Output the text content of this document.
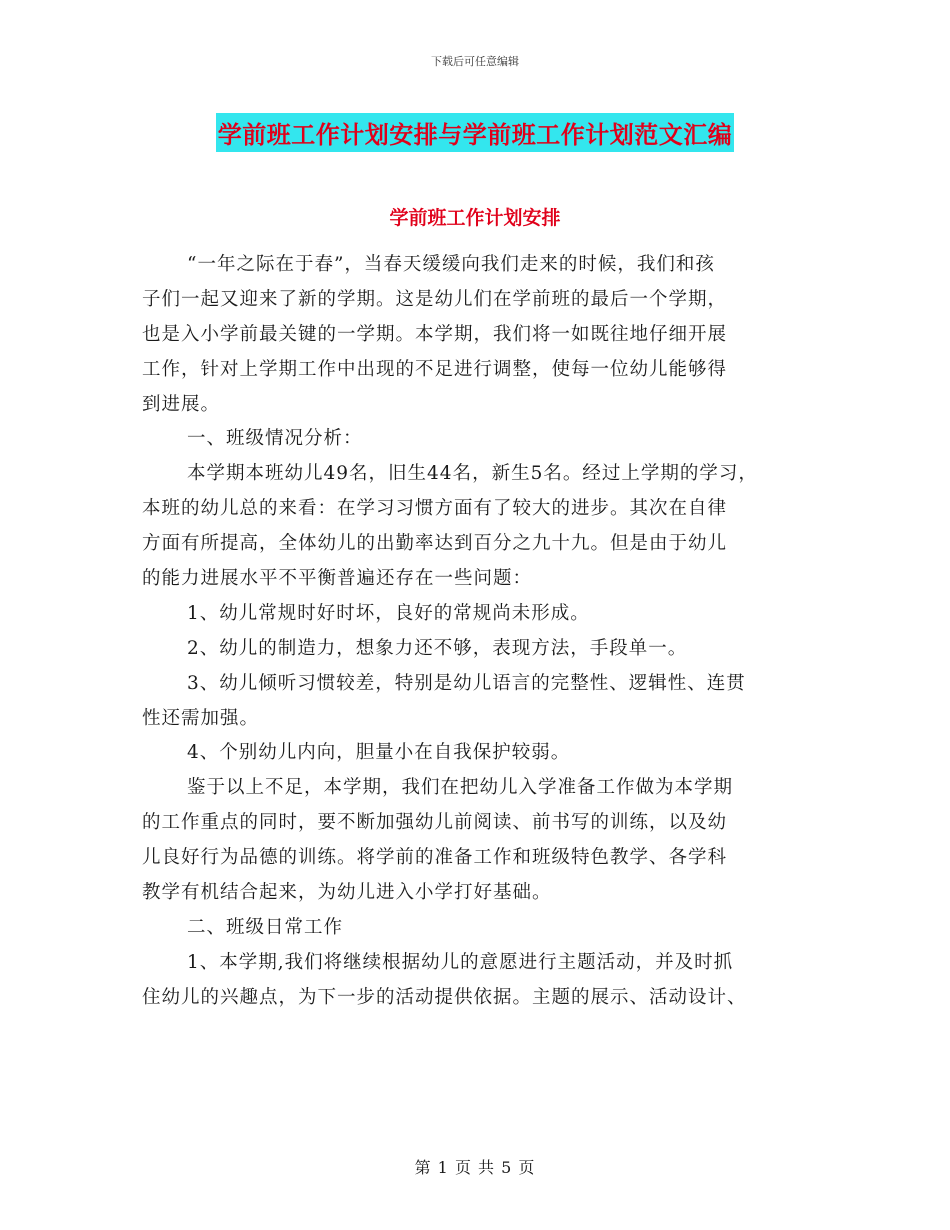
下载后可任意编辑
学前班工作计划安排与学前班工作计划范文汇编
学前班工作计划安排
“一年之际在于春”，当春天缓缓向我们走来的时候，我们和孩
子们一起又迎来了新的学期。这是幼儿们在学前班的最后一个学期，
也是入小学前最关键的一学期。本学期，我们将一如既往地仔细开展
工作，针对上学期工作中出现的不足进行调整，使每一位幼儿能够得
到进展。
一、班级情况分析：
本学期本班幼儿49名，旧生44名，新生5名。经过上学期的学习，
本班的幼儿总的来看：在学习习惯方面有了较大的进步。其次在自律
方面有所提高，全体幼儿的出勤率达到百分之九十九。但是由于幼儿
的能力进展水平不平衡普遍还存在一些问题：
1、幼儿常规时好时坏，良好的常规尚未形成。
2、幼儿的制造力，想象力还不够，表现方法，手段单一。
3、幼儿倾听习惯较差，特别是幼儿语言的完整性、逻辑性、连贯
性还需加强。
4、个别幼儿内向，胆量小在自我保护较弱。
鉴于以上不足，本学期，我们在把幼儿入学准备工作做为本学期
的工作重点的同时，要不断加强幼儿前阅读、前书写的训练，以及幼
儿良好行为品德的训练。将学前的准备工作和班级特色教学、各学科
教学有机结合起来，为幼儿进入小学打好基础。
二、班级日常工作
1、本学期,我们将继续根据幼儿的意愿进行主题活动，并及时抓
住幼儿的兴趣点，为下一步的活动提供依据。主题的展示、活动设计、
第 1 页 共 5 页
